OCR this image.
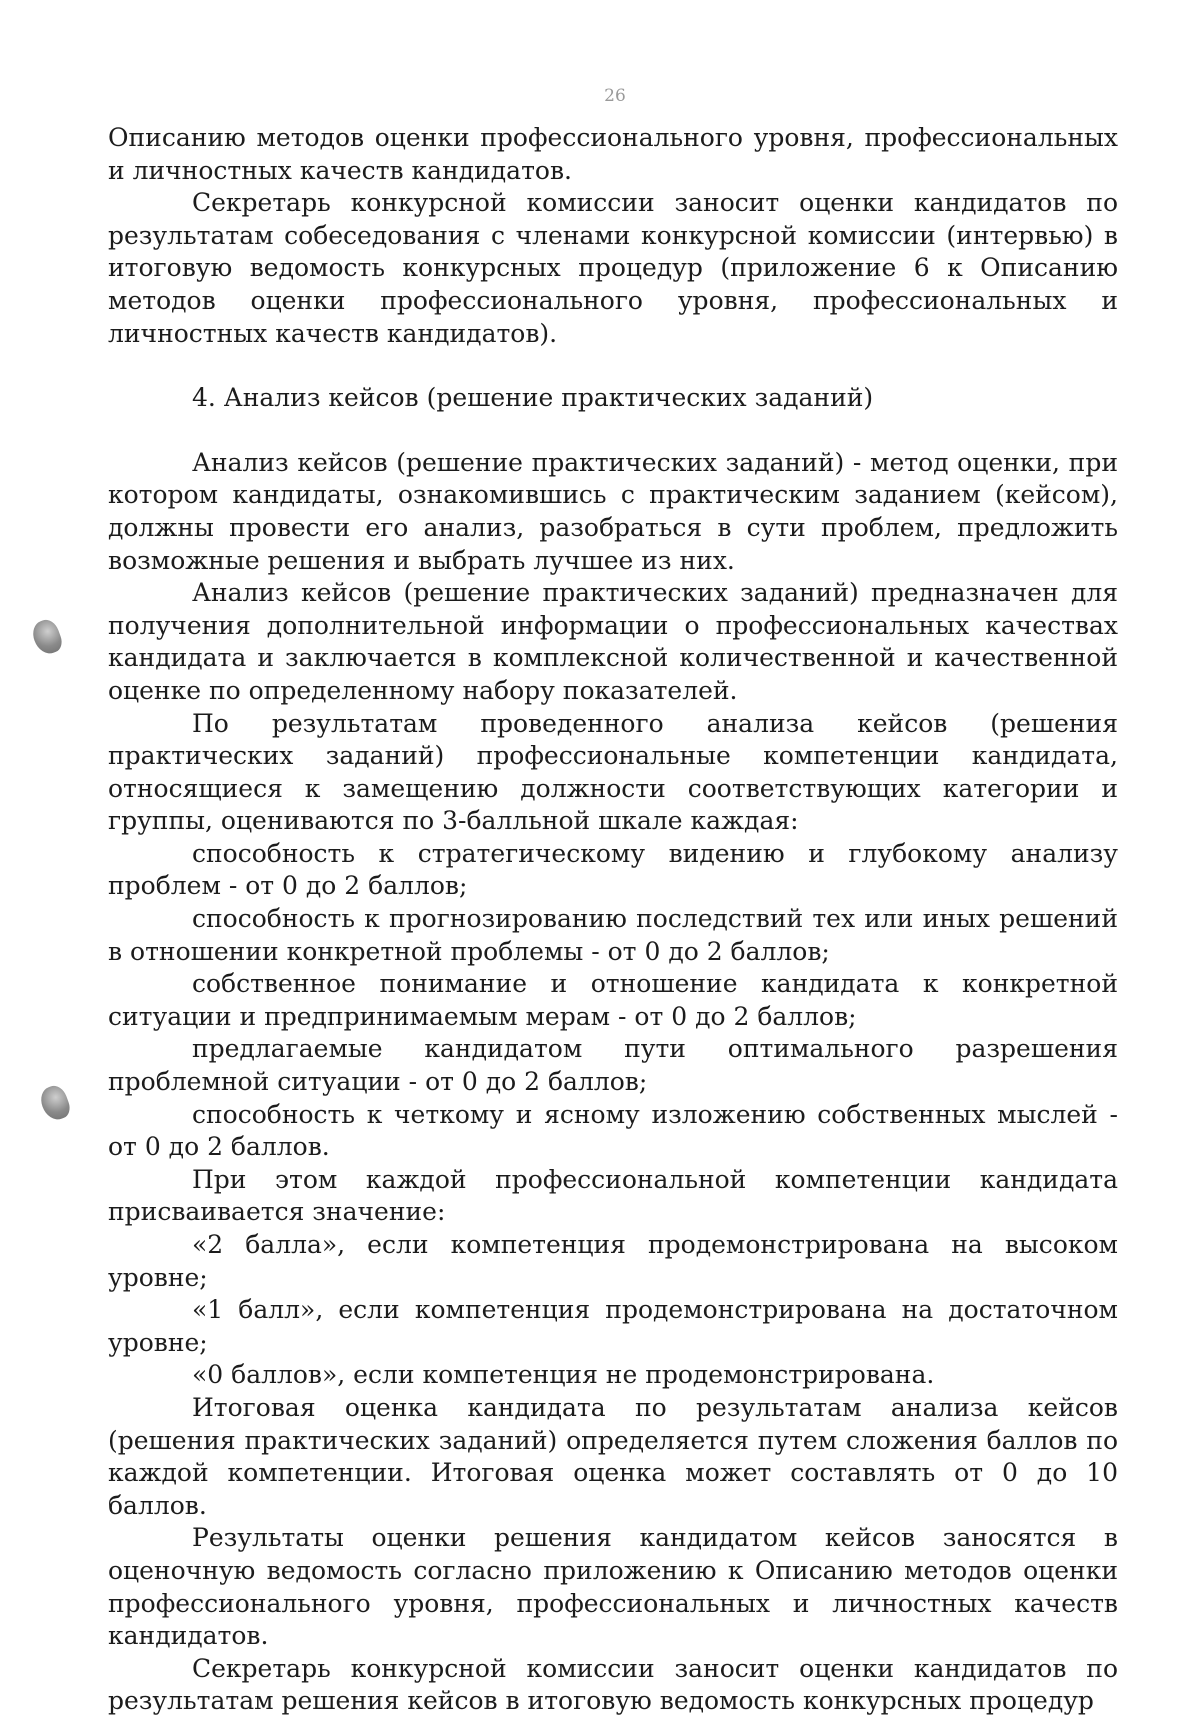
26

Описанию методов оценки профессионального уровня, профессиональных и личностных качеств кандидатов.

Секретарь конкурсной комиссии заносит оценки кандидатов по результатам собеседования с членами конкурсной комиссии (интервью) в итоговую ведомость конкурсных процедур (приложение 6 к Описанию методов оценки профессионального уровня, профессиональных и личностных качеств кандидатов).

4. Анализ кейсов (решение практических заданий)

Анализ кейсов (решение практических заданий) - метод оценки, при котором кандидаты, ознакомившись с практическим заданием (кейсом), должны провести его анализ, разобраться в сути проблем, предложить возможные решения и выбрать лучшее из них.

Анализ кейсов (решение практических заданий) предназначен для получения дополнительной информации о профессиональных качествах кандидата и заключается в комплексной количественной и качественной оценке по определенному набору показателей.

По результатам проведенного анализа кейсов (решения практических заданий) профессиональные компетенции кандидата, относящиеся к замещению должности соответствующих категории и группы, оцениваются по 3-балльной шкале каждая:

способность к стратегическому видению и глубокому анализу проблем - от 0 до 2 баллов;

способность к прогнозированию последствий тех или иных решений в отношении конкретной проблемы - от 0 до 2 баллов;

собственное понимание и отношение кандидата к конкретной ситуации и предпринимаемым мерам - от 0 до 2 баллов;

предлагаемые кандидатом пути оптимального разрешения проблемной ситуации - от 0 до 2 баллов;

способность к четкому и ясному изложению собственных мыслей - от 0 до 2 баллов.

При этом каждой профессиональной компетенции кандидата присваивается значение:

«2 балла», если компетенция продемонстрирована на высоком уровне;

«1 балл», если компетенция продемонстрирована на достаточном уровне;

«0 баллов», если компетенция не продемонстрирована.

Итоговая оценка кандидата по результатам анализа кейсов (решения практических заданий) определяется путем сложения баллов по каждой компетенции. Итоговая оценка может составлять от 0 до 10 баллов.

Результаты оценки решения кандидатом кейсов заносятся в оценочную ведомость согласно приложению к Описанию методов оценки профессионального уровня, профессиональных и личностных качеств кандидатов.

Секретарь конкурсной комиссии заносит оценки кандидатов по результатам решения кейсов в итоговую ведомость конкурсных процедур
